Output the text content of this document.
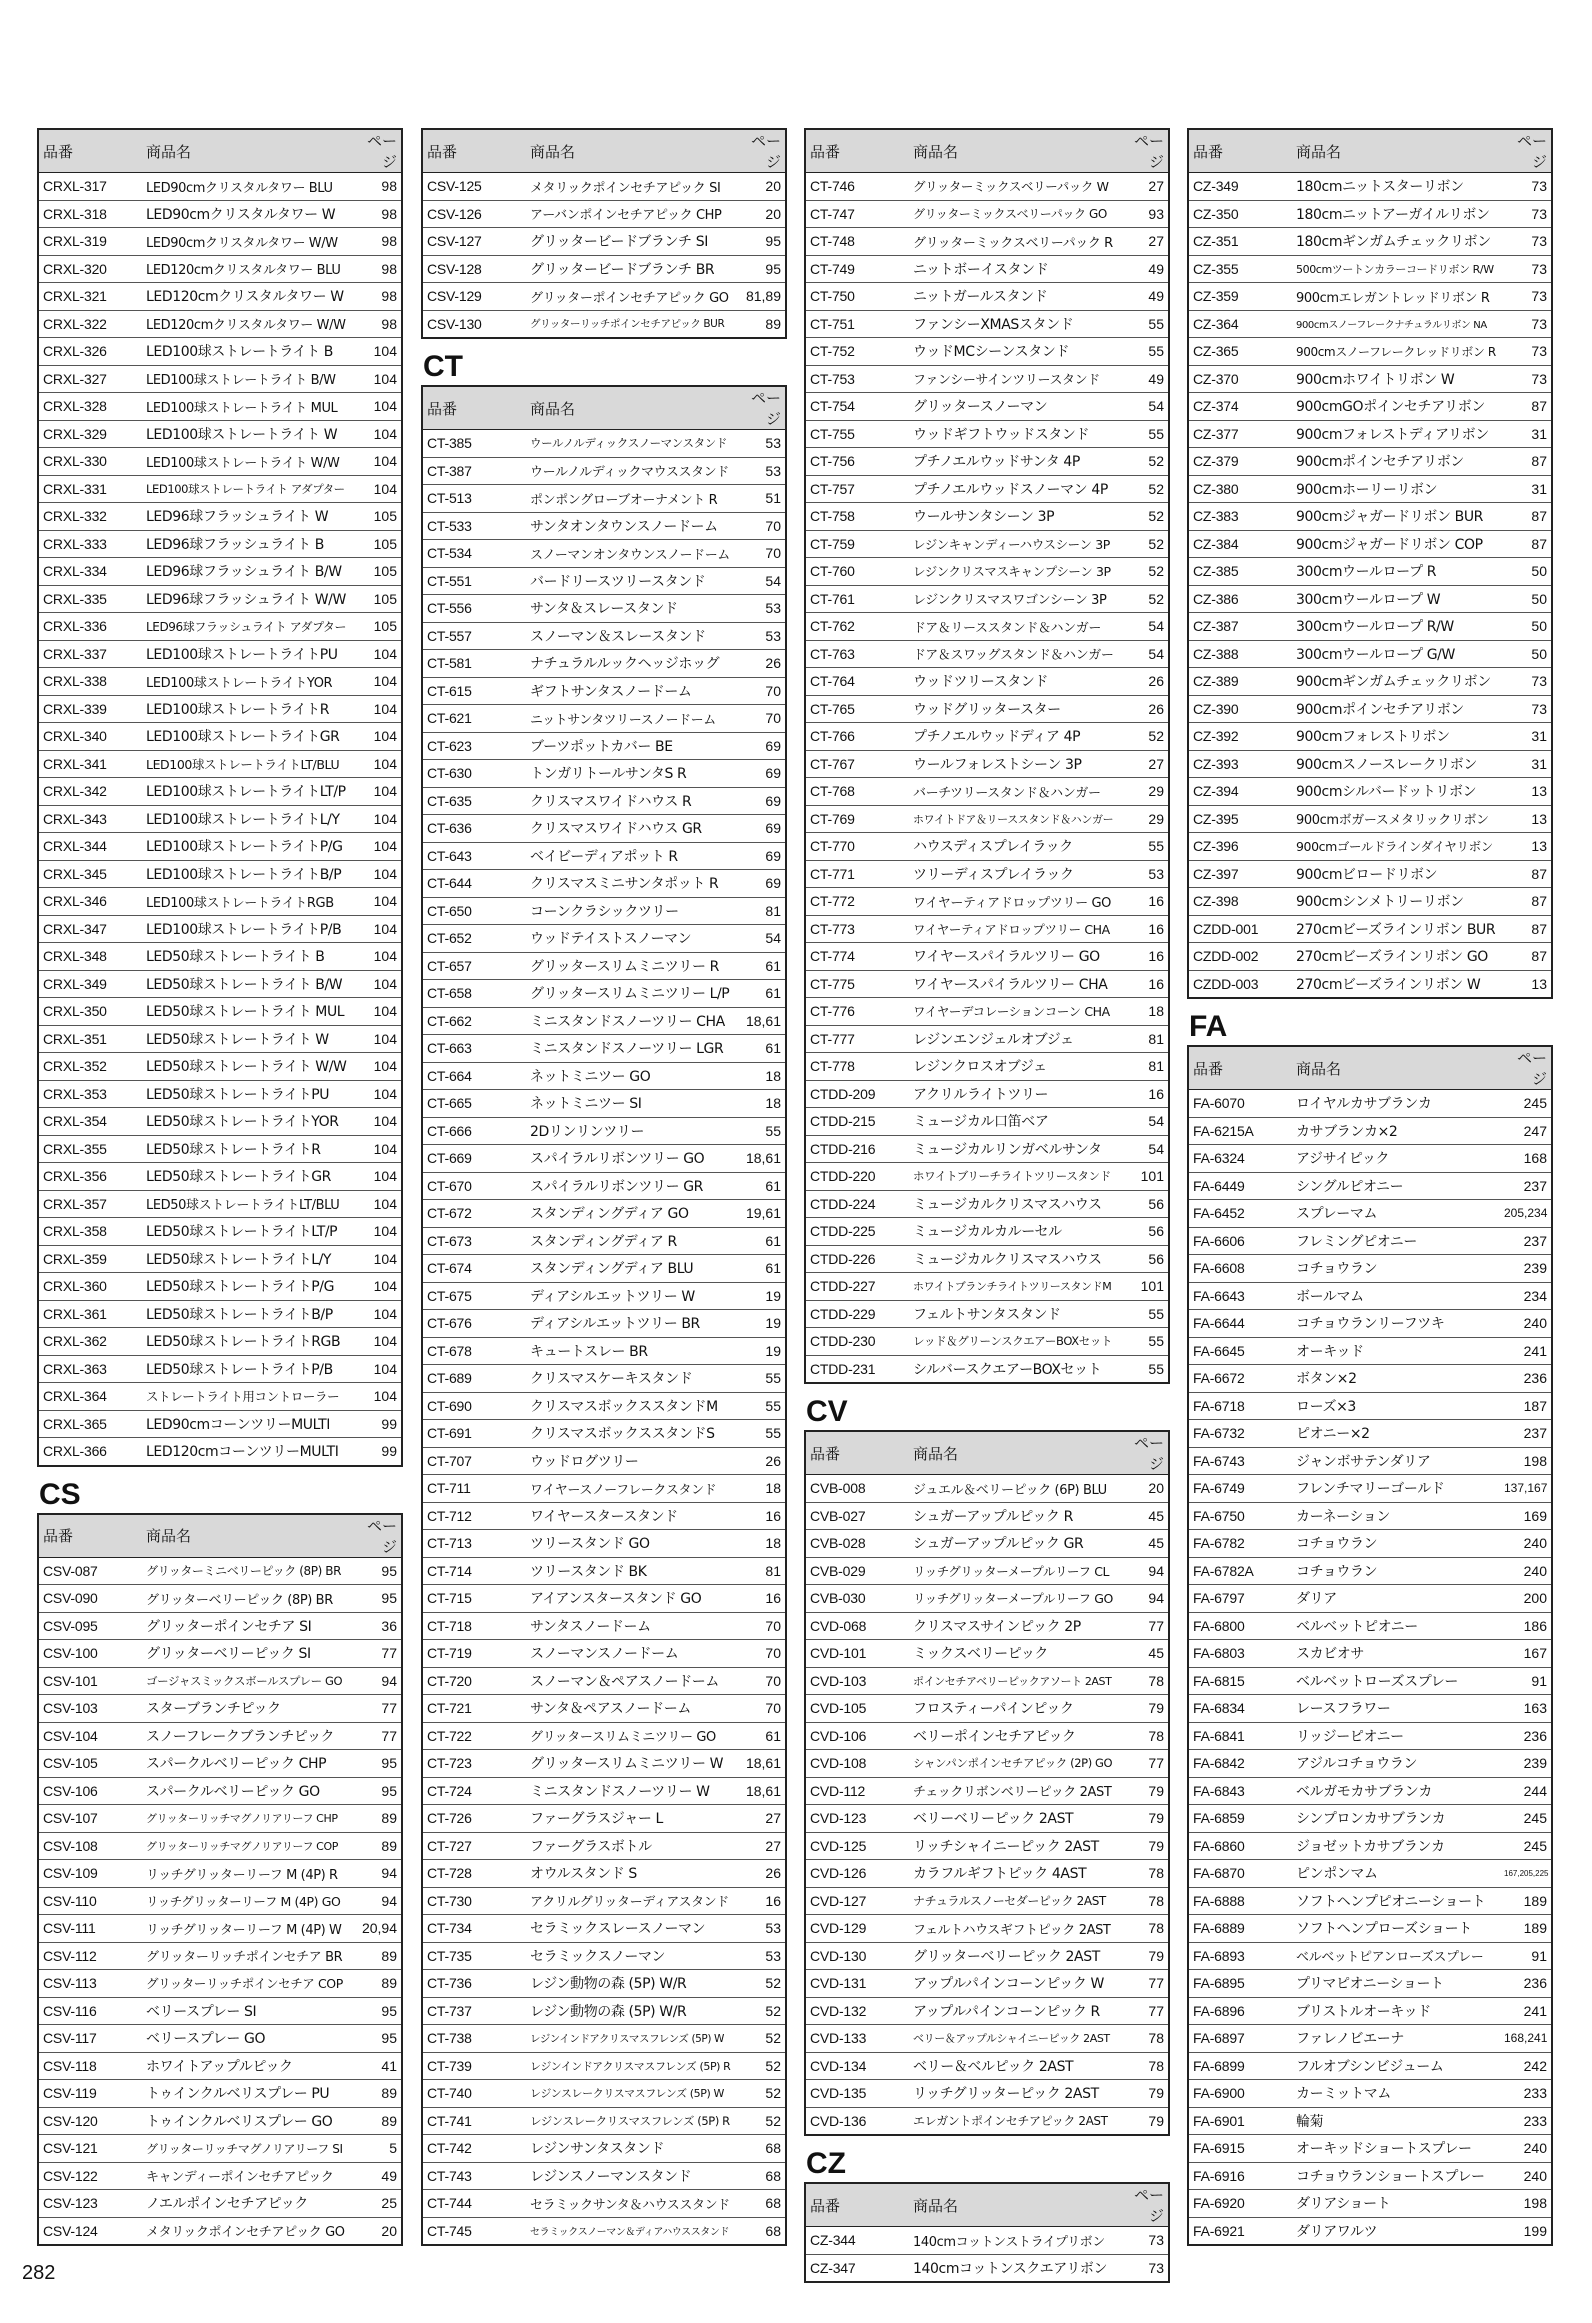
品番	商品名	ページ
CRXL-317	LED90cmクリスタルタワー BLU	98
CRXL-318	LED90cmクリスタルタワー W	98
CRXL-319	LED90cmクリスタルタワー W/W	98
CRXL-320	LED120cmクリスタルタワー BLU	98
CRXL-321	LED120cmクリスタルタワー W	98
CRXL-322	LED120cmクリスタルタワー W/W	98
CRXL-326	LED100球ストレートライト B	104
CRXL-327	LED100球ストレートライト B/W	104
CRXL-328	LED100球ストレートライト MUL	104
CRXL-329	LED100球ストレートライト W	104
CRXL-330	LED100球ストレートライト W/W	104
CRXL-331	LED100球ストレートライト アダプター	104
CRXL-332	LED96球フラッシュライト W	105
CRXL-333	LED96球フラッシュライト B	105
CRXL-334	LED96球フラッシュライト B/W	105
CRXL-335	LED96球フラッシュライト W/W	105
CRXL-336	LED96球フラッシュライト アダプター	105
CRXL-337	LED100球ストレートライトPU	104
CRXL-338	LED100球ストレートライトYOR	104
CRXL-339	LED100球ストレートライトR	104
CRXL-340	LED100球ストレートライトGR	104
CRXL-341	LED100球ストレートライトLT/BLU	104
CRXL-342	LED100球ストレートライトLT/P	104
CRXL-343	LED100球ストレートライトL/Y	104
CRXL-344	LED100球ストレートライトP/G	104
CRXL-345	LED100球ストレートライトB/P	104
CRXL-346	LED100球ストレートライトRGB	104
CRXL-347	LED100球ストレートライトP/B	104
CRXL-348	LED50球ストレートライト B	104
CRXL-349	LED50球ストレートライト B/W	104
CRXL-350	LED50球ストレートライト MUL	104
CRXL-351	LED50球ストレートライト W	104
CRXL-352	LED50球ストレートライト W/W	104
CRXL-353	LED50球ストレートライトPU	104
CRXL-354	LED50球ストレートライトYOR	104
CRXL-355	LED50球ストレートライトR	104
CRXL-356	LED50球ストレートライトGR	104
CRXL-357	LED50球ストレートライトLT/BLU	104
CRXL-358	LED50球ストレートライトLT/P	104
CRXL-359	LED50球ストレートライトL/Y	104
CRXL-360	LED50球ストレートライトP/G	104
CRXL-361	LED50球ストレートライトB/P	104
CRXL-362	LED50球ストレートライトRGB	104
CRXL-363	LED50球ストレートライトP/B	104
CRXL-364	ストレートライト用コントローラー	104
CRXL-365	LED90cmコーンツリーMULTI	99
CRXL-366	LED120cmコーンツリーMULTI	99
CS
品番	商品名	ページ
CSV-087	グリッターミニベリーピック (8P) BR	95
CSV-090	グリッターベリーピック (8P) BR	95
CSV-095	グリッターポインセチア SI	36
CSV-100	グリッターベリーピック SI	77
CSV-101	ゴージャスミックスボールスプレー GO	94
CSV-103	スターブランチピック	77
CSV-104	スノーフレークブランチピック	77
CSV-105	スパークルベリーピック CHP	95
CSV-106	スパークルベリーピック GO	95
CSV-107	グリッターリッチマグノリアリーフ CHP	89
CSV-108	グリッターリッチマグノリアリーフ COP	89
CSV-109	リッチグリッターリーフ M (4P) R	94
CSV-110	リッチグリッターリーフ M (4P) GO	94
CSV-111	リッチグリッターリーフ M (4P) W	20,94
CSV-112	グリッターリッチポインセチア BR	89
CSV-113	グリッターリッチポインセチア COP	89
CSV-116	ベリースプレー SI	95
CSV-117	ベリースプレー GO	95
CSV-118	ホワイトアップルピック	41
CSV-119	トゥインクルベリスプレー PU	89
CSV-120	トゥインクルベリスプレー GO	89
CSV-121	グリッターリッチマグノリアリーフ SI	5
CSV-122	キャンディーポインセチアピック	49
CSV-123	ノエルポインセチアピック	25
CSV-124	メタリックポインセチアピック GO	20
品番	商品名	ページ
CSV-125	メタリックポインセチアピック SI	20
CSV-126	アーバンポインセチアピック CHP	20
CSV-127	グリッタービードブランチ SI	95
CSV-128	グリッタービードブランチ BR	95
CSV-129	グリッターポインセチアピック GO	81,89
CSV-130	グリッターリッチポインセチアピック BUR	89
CT
品番	商品名	ページ
CT-385	ウールノルディックスノーマンスタンド	53
CT-387	ウールノルディックマウススタンド	53
CT-513	ポンポングローブオーナメント R	51
CT-533	サンタオンタウンスノードーム	70
CT-534	スノーマンオンタウンスノードーム	70
CT-551	バードリースツリースタンド	54
CT-556	サンタ＆スレースタンド	53
CT-557	スノーマン＆スレースタンド	53
CT-581	ナチュラルルックヘッジホッグ	26
CT-615	ギフトサンタスノードーム	70
CT-621	ニットサンタツリースノードーム	70
CT-623	ブーツポットカバー BE	69
CT-630	トンガリトールサンタS R	69
CT-635	クリスマスワイドハウス R	69
CT-636	クリスマスワイドハウス GR	69
CT-643	ベイビーディアポット R	69
CT-644	クリスマスミニサンタポット R	69
CT-650	コーンクラシックツリー	81
CT-652	ウッドテイストスノーマン	54
CT-657	グリッタースリムミニツリー R	61
CT-658	グリッタースリムミニツリー L/P	61
CT-662	ミニスタンドスノーツリー CHA	18,61
CT-663	ミニスタンドスノーツリー LGR	61
CT-664	ネットミニツー GO	18
CT-665	ネットミニツー SI	18
CT-666	2Dリンリンツリー	55
CT-669	スパイラルリボンツリー GO	18,61
CT-670	スパイラルリボンツリー GR	61
CT-672	スタンディングディア GO	19,61
CT-673	スタンディングディア R	61
CT-674	スタンディングディア BLU	61
CT-675	ディアシルエットツリー W	19
CT-676	ディアシルエットツリー BR	19
CT-678	キュートスレー BR	19
CT-689	クリスマスケーキスタンド	55
CT-690	クリスマスボックススタンドM	55
CT-691	クリスマスボックススタンドS	55
CT-707	ウッドログツリー	26
CT-711	ワイヤースノーフレークスタンド	18
CT-712	ワイヤースタースタンド	16
CT-713	ツリースタンド GO	18
CT-714	ツリースタンド BK	81
CT-715	アイアンスタースタンド GO	16
CT-718	サンタスノードーム	70
CT-719	スノーマンスノードーム	70
CT-720	スノーマン＆ペアスノードーム	70
CT-721	サンタ＆ペアスノードーム	70
CT-722	グリッタースリムミニツリー GO	61
CT-723	グリッタースリムミニツリー W	18,61
CT-724	ミニスタンドスノーツリー W	18,61
CT-726	ファーグラスジャー L	27
CT-727	ファーグラスボトル	27
CT-728	オウルスタンド S	26
CT-730	アクリルグリッターディアスタンド	16
CT-734	セラミックスレースノーマン	53
CT-735	セラミックスノーマン	53
CT-736	レジン動物の森 (5P) W/R	52
CT-737	レジン動物の森 (5P) W/R	52
CT-738	レジンインドアクリスマスフレンズ (5P) W	52
CT-739	レジンインドアクリスマスフレンズ (5P) R	52
CT-740	レジンスレークリスマスフレンズ (5P) W	52
CT-741	レジンスレークリスマスフレンズ (5P) R	52
CT-742	レジンサンタスタンド	68
CT-743	レジンスノーマンスタンド	68
CT-744	セラミックサンタ＆ハウススタンド	68
CT-745	セラミックスノーマン＆ディアハウススタンド	68
品番	商品名	ページ
CT-746	グリッターミックスベリーパック W	27
CT-747	グリッターミックスベリーパック GO	93
CT-748	グリッターミックスベリーパック R	27
CT-749	ニットボーイスタンド	49
CT-750	ニットガールスタンド	49
CT-751	ファンシーXMASスタンド	55
CT-752	ウッドMCシーンスタンド	55
CT-753	ファンシーサインツリースタンド	49
CT-754	グリッタースノーマン	54
CT-755	ウッドギフトウッドスタンド	55
CT-756	プチノエルウッドサンタ 4P	52
CT-757	プチノエルウッドスノーマン 4P	52
CT-758	ウールサンタシーン 3P	52
CT-759	レジンキャンディーハウスシーン 3P	52
CT-760	レジンクリスマスキャンプシーン 3P	52
CT-761	レジンクリスマスワゴンシーン 3P	52
CT-762	ドア＆リーススタンド＆ハンガー	54
CT-763	ドア＆スワッグスタンド＆ハンガー	54
CT-764	ウッドツリースタンド	26
CT-765	ウッドグリッタースター	26
CT-766	プチノエルウッドディア 4P	52
CT-767	ウールフォレストシーン 3P	27
CT-768	バーチツリースタンド＆ハンガー	29
CT-769	ホワイトドア＆リーススタンド＆ハンガー	29
CT-770	ハウスディスプレイラック	55
CT-771	ツリーディスプレイラック	53
CT-772	ワイヤーティアドロップツリー GO	16
CT-773	ワイヤーティアドロップツリー CHA	16
CT-774	ワイヤースパイラルツリー GO	16
CT-775	ワイヤースパイラルツリー CHA	16
CT-776	ワイヤーデコレーションコーン CHA	18
CT-777	レジンエンジェルオブジェ	81
CT-778	レジンクロスオブジェ	81
CTDD-209	アクリルライトツリー	16
CTDD-215	ミュージカル口笛ベア	54
CTDD-216	ミュージカルリンガベルサンタ	54
CTDD-220	ホワイトブリーチライトツリースタンド	101
CTDD-224	ミュージカルクリスマスハウス	56
CTDD-225	ミュージカルカルーセル	56
CTDD-226	ミュージカルクリスマスハウス	56
CTDD-227	ホワイトブランチライトツリースタンドM	101
CTDD-229	フェルトサンタスタンド	55
CTDD-230	レッド＆グリーンスクエアーBOXセット	55
CTDD-231	シルバースクエアーBOXセット	55
CV
品番	商品名	ページ
CVB-008	ジュエル＆ベリーピック (6P) BLU	20
CVB-027	シュガーアップルピック R	45
CVB-028	シュガーアップルピック GR	45
CVB-029	リッチグリッターメープルリーフ CL	94
CVB-030	リッチグリッターメープルリーフ GO	94
CVD-068	クリスマスサインピック 2P	77
CVD-101	ミックスベリーピック	45
CVD-103	ポインセチアベリーピックアソート 2AST	78
CVD-105	フロスティーパインピック	79
CVD-106	ベリーポインセチアピック	78
CVD-108	シャンパンポインセチアピック (2P) GO	77
CVD-112	チェックリボンベリーピック 2AST	79
CVD-123	ベリーベリーピック 2AST	79
CVD-125	リッチシャイニーピック 2AST	79
CVD-126	カラフルギフトピック 4AST	78
CVD-127	ナチュラルスノーセダーピック 2AST	78
CVD-129	フェルトハウスギフトピック 2AST	78
CVD-130	グリッターベリーピック 2AST	79
CVD-131	アップルパインコーンピック W	77
CVD-132	アップルパインコーンピック R	77
CVD-133	ベリー＆アップルシャイニーピック 2AST	78
CVD-134	ベリー＆ベルピック 2AST	78
CVD-135	リッチグリッターピック 2AST	79
CVD-136	エレガントポインセチアピック 2AST	79
CZ
品番	商品名	ページ
CZ-344	140cmコットンストライプリボン	73
CZ-347	140cmコットンスクエアリボン	73
品番	商品名	ページ
CZ-349	180cmニットスターリボン	73
CZ-350	180cmニットアーガイルリボン	73
CZ-351	180cmギンガムチェックリボン	73
CZ-355	500cmツートンカラーコードリボン R/W	73
CZ-359	900cmエレガントレッドリボン R	73
CZ-364	900cmスノーフレークナチュラルリボン NA	73
CZ-365	900cmスノーフレークレッドリボン R	73
CZ-370	900cmホワイトリボン W	73
CZ-374	900cmGOポインセチアリボン	87
CZ-377	900cmフォレストディアリボン	31
CZ-379	900cmポインセチアリボン	87
CZ-380	900cmホーリーリボン	31
CZ-383	900cmジャガードリボン BUR	87
CZ-384	900cmジャガードリボン COP	87
CZ-385	300cmウールロープ R	50
CZ-386	300cmウールロープ W	50
CZ-387	300cmウールロープ R/W	50
CZ-388	300cmウールロープ G/W	50
CZ-389	900cmギンガムチェックリボン	73
CZ-390	900cmポインセチアリボン	73
CZ-392	900cmフォレストリボン	31
CZ-393	900cmスノースレークリボン	31
CZ-394	900cmシルバードットリボン	13
CZ-395	900cmボガースメタリックリボン	13
CZ-396	900cmゴールドラインダイヤリボン	13
CZ-397	900cmビロードリボン	87
CZ-398	900cmシンメトリーリボン	87
CZDD-001	270cmビーズラインリボン BUR	87
CZDD-002	270cmビーズラインリボン GO	87
CZDD-003	270cmビーズラインリボン W	13
FA
品番	商品名	ページ
FA-6070	ロイヤルカサブランカ	245
FA-6215A	カサブランカ×2	247
FA-6324	アジサイピック	168
FA-6449	シングルピオニー	237
FA-6452	スプレーマム	205,234
FA-6606	フレミングピオニー	237
FA-6608	コチョウラン	239
FA-6643	ボールマム	234
FA-6644	コチョウランリーフツキ	240
FA-6645	オーキッド	241
FA-6672	ボタン×2	236
FA-6718	ローズ×3	187
FA-6732	ピオニー×2	237
FA-6743	ジャンボサテンダリア	198
FA-6749	フレンチマリーゴールド	137,167
FA-6750	カーネーション	169
FA-6782	コチョウラン	240
FA-6782A	コチョウラン	240
FA-6797	ダリア	200
FA-6800	ベルベットピオニー	186
FA-6803	スカビオサ	167
FA-6815	ベルベットローズスプレー	91
FA-6834	レースフラワー	163
FA-6841	リッジーピオニー	236
FA-6842	アジルコチョウラン	239
FA-6843	ベルガモカサブランカ	244
FA-6859	シンプロンカサブランカ	245
FA-6860	ジョゼットカサブランカ	245
FA-6870	ピンポンマム	167,205,225
FA-6888	ソフトヘンプピオニーショート	189
FA-6889	ソフトヘンプローズショート	189
FA-6893	ベルベットピアンローズスプレー	91
FA-6895	プリマピオニーショート	236
FA-6896	ブリストルオーキッド	241
FA-6897	ファレノビエーナ	168,241
FA-6899	フルオブシンビジューム	242
FA-6900	カーミットマム	233
FA-6901	輪菊	233
FA-6915	オーキッドショートスプレー	240
FA-6916	コチョウランショートスプレー	240
FA-6920	ダリアショート	198
FA-6921	ダリアワルツ	199
282
